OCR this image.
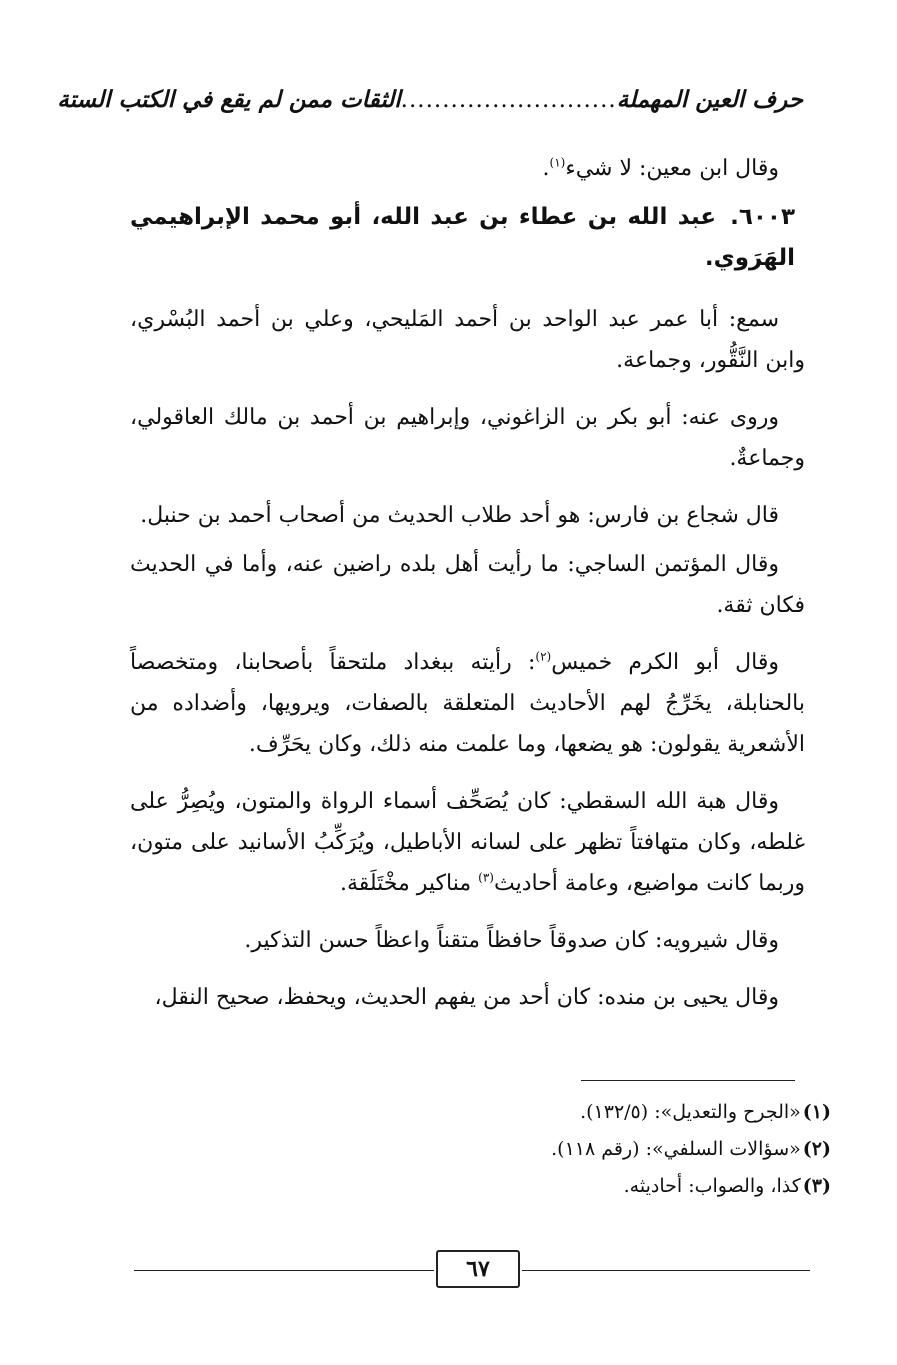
حرف العين المهملة
..........................
الثقات ممن لم يقع في الكتب الستة

وقال ابن معين: لا شيء$^{(١)}$.

٦٠٠٣.عبد الله بن عطاء بن عبد الله، أبو محمد الإبراهيمي الهَرَوي.

سمع: أبا عمر عبد الواحد بن أحمد المَليحي، وعلي بن أحمد البُسْري، وابن النَّقُّور، وجماعة.

وروى عنه: أبو بكر بن الزاغوني، وإبراهيم بن أحمد بن مالك العاقولي، وجماعةٌ.

قال شجاع بن فارس: هو أحد طلاب الحديث من أصحاب أحمد بن حنبل.

وقال المؤتمن الساجي: ما رأيت أهل بلده راضين عنه، وأما في الحديث فكان ثقة.

وقال أبو الكرم خميس$^{(٢)}$: رأيته ببغداد ملتحقاً بأصحابنا، ومتخصصاً بالحنابلة، يخَرِّجُ لهم الأحاديث المتعلقة بالصفات، ويرويها، وأضداده من الأشعرية يقولون: هو يضعها، وما علمت منه ذلك، وكان يحَرِّف.

وقال هبة الله السقطي: كان يُصَحِّف أسماء الرواة والمتون، ويُصِرُّ على غلطه، وكان متهافتاً تظهر على لسانه الأباطيل، ويُرَكِّبُ الأسانيد على متون، وربما كانت مواضيع، وعامة أحاديث$^{(٣)}$ مناكير مخْتَلَقة.

وقال شيرويه: كان صدوقاً حافظاً متقناً واعظاً حسن التذكير.

وقال يحيى بن منده: كان أحد من يفهم الحديث، ويحفظ، صحيح النقل،

(١)«الجرح والتعديل»: (١٣٢/٥).
(٢)«سؤالات السلفي»: (رقم ١١٨).
(٣)كذا، والصواب: أحاديثه.
٦٧
